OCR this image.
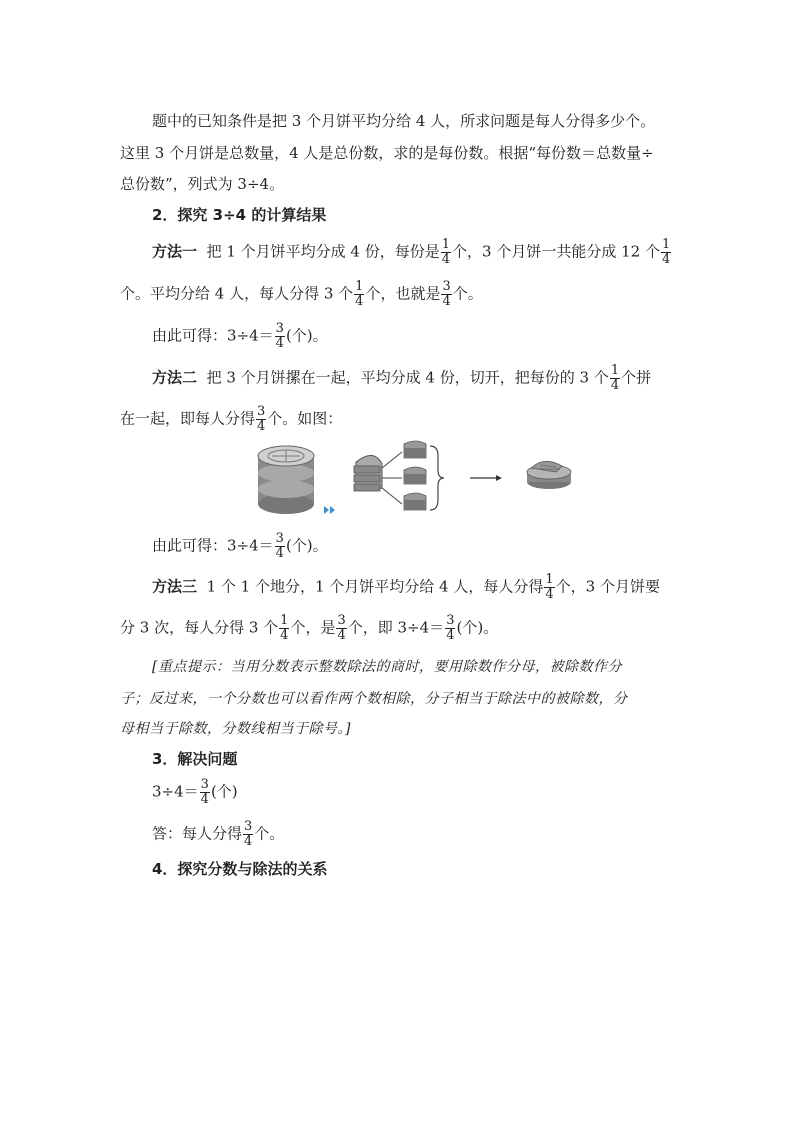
题中的已知条件是把 3 个月饼平均分给 4 人，所求问题是每人分得多少个。
这里 3 个月饼是总数量，4 人是总份数，求的是每份数。根据“每份数＝总数量÷
总份数”，列式为 3÷4。
2．探究 3÷4 的计算结果
方法一 把 1 个月饼平均分成 4 份，每份是 $\frac{1}{4}$ 个，3 个月饼一共能分成 12 个 $\frac{1}{4}$
个。平均分给 4 人，每人分得 3 个 $\frac{1}{4}$ 个，也就是 $\frac{3}{4}$ 个。
由此可得：$3\div 4= \frac{3}{4}$ (个)。
方法二 把 3 个月饼摞在一起，平均分成 4 份，切开，把每份的 3 个 $\frac{1}{4}$ 个拼
在一起，即每人分得 $\frac{3}{4}$ 个。如图：
由此可得：$3\div 4= \frac{3}{4}$ (个)。
方法三 1 个 1 个地分，1 个月饼平均分给 4 人，每人分得 $\frac{1}{4}$ 个，3 个月饼要
分 3 次，每人分得 3 个 $\frac{1}{4}$ 个，是 $\frac{3}{4}$ 个，即 $3\div 4= \frac{3}{4}$ (个)。
[重点提示：当用分数表示整数除法的商时，要用除数作分母，被除数作分
子；反过来，一个分数也可以看作两个数相除，分子相当于除法中的被除数，分
母相当于除数，分数线相当于除号。]
3．解决问题
$3\div 4= \frac{3}{4}$ (个)
答：每人分得 $\frac{3}{4}$ 个。
4．探究分数与除法的关系
